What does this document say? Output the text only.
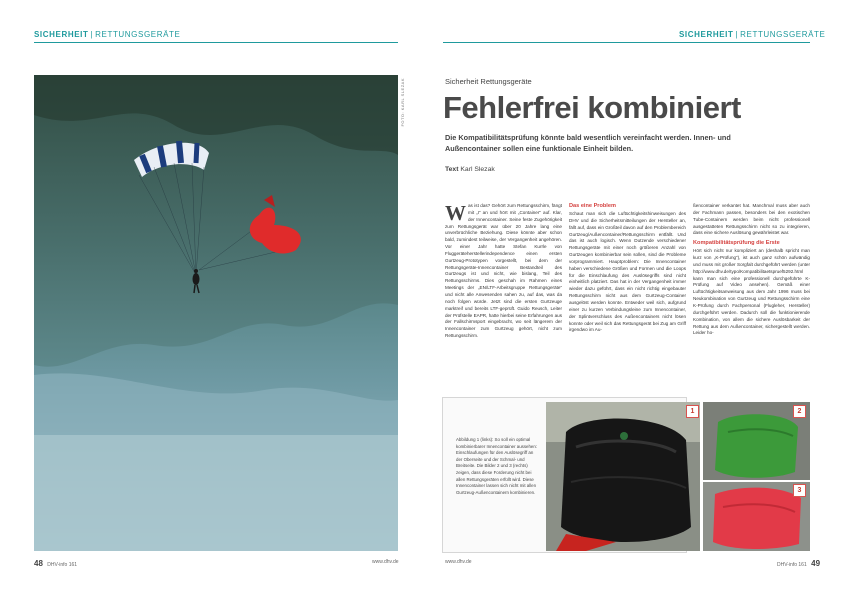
SICHERHEIT | RETTUNGSGERÄTE	SICHERHEIT | RETTUNGSGERÄTE
FOTO: KARL SLEZAK	Sicherheit Rettungsgeräte
Fehlerfrei kombiniert
Die Kompatibilitätsprüfung könnte bald wesentlich vereinfacht werden. Innen- und Außencontainer sollen eine funktionale Einheit bilden.
Text Karl Slezak

Was ist das? Gehört zum Rettungsschirm, fängt mit „I“ an und hört mit „Container“ auf. Klar, der Innencontainer. Seine feste Zugehörigkeit zum Rettungsgerät war über 20 Jahre lang eine unverbrüchliche Beziehung. Diese könnte aber schon bald, zumindest teilweise, der Vergangenheit angehören. Vor einer Jahr hatte Stefan Kurrle von Fluggeräteherstellerindependence einen ersten Gurtzeug-Prototypen vorgestellt, bei dem der Rettungsgeräte-Innencontainer Bestandteil des Gurtzeugs ist und nicht, wie bislang, Teil des Rettungsschirms. Dies geschah im Rahmen eines Meetings der „EN/LTF-Arbeitsgruppe Rettungsgeräte“ und nicht alle Anwesenden sahen zu, auf das, was da noch folgen würde. Jetzt sind die ersten Gurtzeuge marktreif und bereits LTF-geprüft. Guido Reusch, Leiter der Prüfstelle EAPR, hatte hierbei seine Erfahrungen aus der Fallschirmsport eingebracht, wo seit längerem der Innencontainer zum Gurtzeug gehört, nicht zum Rettungsschirm.

Das eine Problem

Schaut man sich die Luftüchtigkeitshinweisungen des DHV und die Sicherheitsmitteilungen der Hersteller an, fällt auf, dass ein Großteil davon auf den Problembereich Gurtzeug/Außencontainer/Rettungsschirm entfällt. Und das ist auch logisch. Wenn Dutzende verschiedener Rettungsgeräte mit einer noch größeren Anzahl von Gurtzeugen kombinierbar sein sollen, sind die Probleme vorprogrammiert. Hauptproblem: Die Innencontainer haben verschiedene Größen und Formen und die Loops für die Einschlaufung des Auslösegriffs sind nicht einheitlich platziert. Das hat in der Vergangenheit immer wieder dazu geführt, dass ein nicht richtig eingebauter Rettungsschirm nicht aus dem Gurtzeug-Container ausgelöst werden konnte. Entweder weil sich, aufgrund einer zu kurzen Verbindungsleine zum Innencontainer, der Splintverschluss des Außencontainers nicht lösen konnte oder weil sich das Rettungsgerät bei Zug am Griff irgendwo im Au-

ßencontainer verkantet hat. Manchmal muss aber auch der Fachmann passen, besonders bei den exotischen Tube-Containern werden beim nicht professionell ausgestatteten Rettungsschirm nicht so zu integrieren, dass eine sichere Auslösung gewährleistet war.

Kompatibilitätsprüfung die Erste

Hört sich nicht nur kompliziert an (deshalb spricht man kurz von „K-Prüfung“), ist auch ganz schön aufwändig und muss mit großer Sorgfalt durchgeführt werden (unter http://www.dhv.de/typo/Kompatibilitaetspruef5292.html kann man sich eine professionell durchgeführte K-Prüfung auf Video ansehen). Gemäß einer Luftüchtigkeitsanweisung aus dem Jahr 1996 muss bei Neukombination von Gurtzeug und Rettungsschirm eine K-Prüfung durch Fachpersonal (Flugleher, Hersteller) durchgeführt werden. Dadurch soll die funktionierende Kombination, von allem die sichere Auslösbarkeit der Rettung aus dem Außencontainer, sichergestellt werden. Leider ho-

Abbildung 1 (links): So soll ein optimal kombinierbarer Innencontainer aussehen: Einschlaufungen für den Auslösegriff an der Oberseite und der Schmal- und Breitseite. Die Bilder 2 und 3 (rechts) zeigen, dass diese Forderung nicht bei allen Rettungsgeräten erfüllt wird. Diese Innencontainer lassen sich nicht mit allen Gurtzeug-Außencontainern kombinieren.
1	2
3
48 DHV-info 161	www.dhv.de	www.dhv.de	DHV-info 161 49
